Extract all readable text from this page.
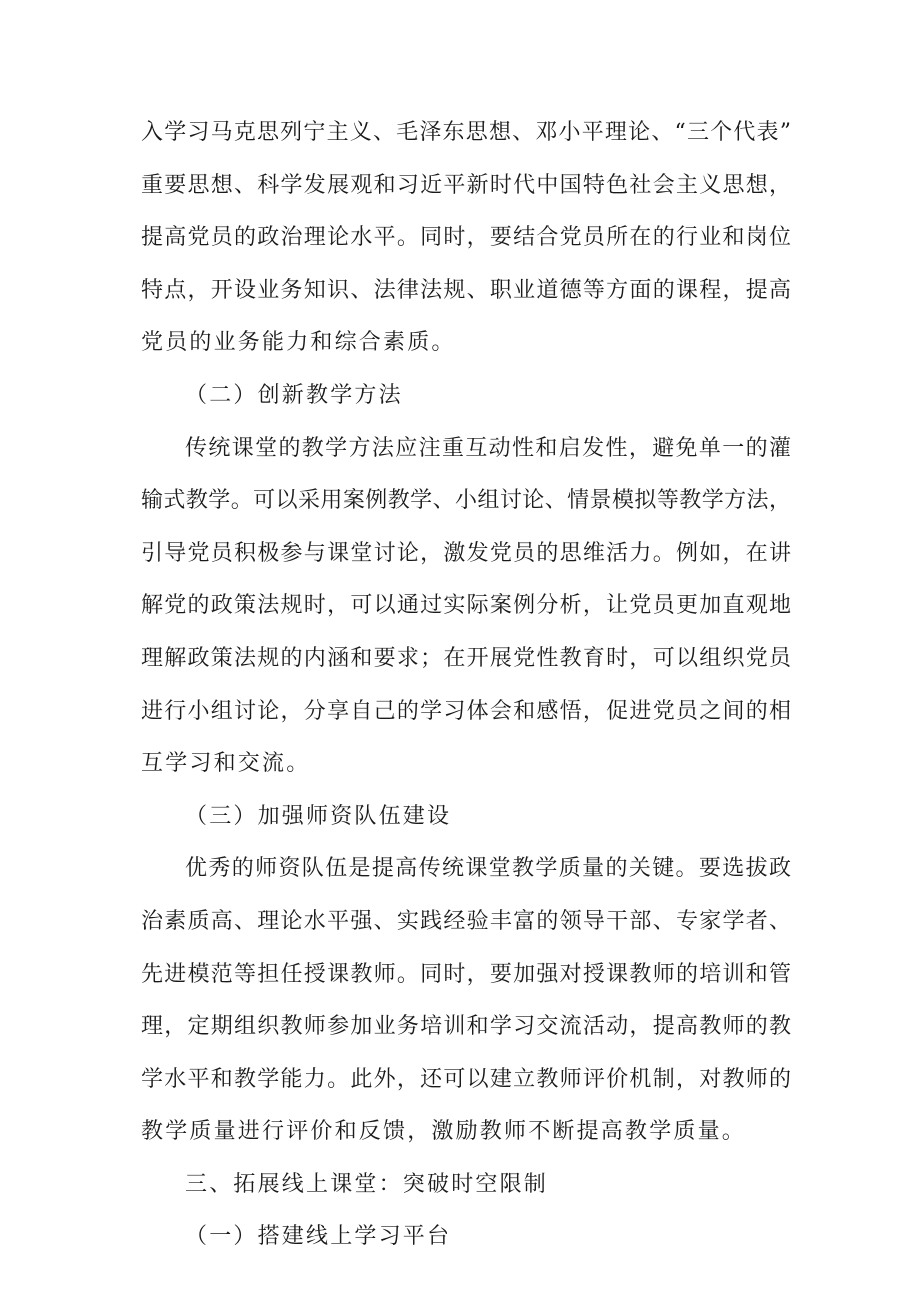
入学习马克思列宁主义、毛泽东思想、邓小平理论、“三个代表”
重要思想、科学发展观和习近平新时代中国特色社会主义思想，
提高党员的政治理论水平。同时，要结合党员所在的行业和岗位
特点，开设业务知识、法律法规、职业道德等方面的课程，提高
党员的业务能力和综合素质。
（二）创新教学方法
传统课堂的教学方法应注重互动性和启发性，避免单一的灌
输式教学。可以采用案例教学、小组讨论、情景模拟等教学方法，
引导党员积极参与课堂讨论，激发党员的思维活力。例如，在讲
解党的政策法规时，可以通过实际案例分析，让党员更加直观地
理解政策法规的内涵和要求；在开展党性教育时，可以组织党员
进行小组讨论，分享自己的学习体会和感悟，促进党员之间的相
互学习和交流。
（三）加强师资队伍建设
优秀的师资队伍是提高传统课堂教学质量的关键。要选拔政
治素质高、理论水平强、实践经验丰富的领导干部、专家学者、
先进模范等担任授课教师。同时，要加强对授课教师的培训和管
理，定期组织教师参加业务培训和学习交流活动，提高教师的教
学水平和教学能力。此外，还可以建立教师评价机制，对教师的
教学质量进行评价和反馈，激励教师不断提高教学质量。
三、拓展线上课堂：突破时空限制
（一）搭建线上学习平台
